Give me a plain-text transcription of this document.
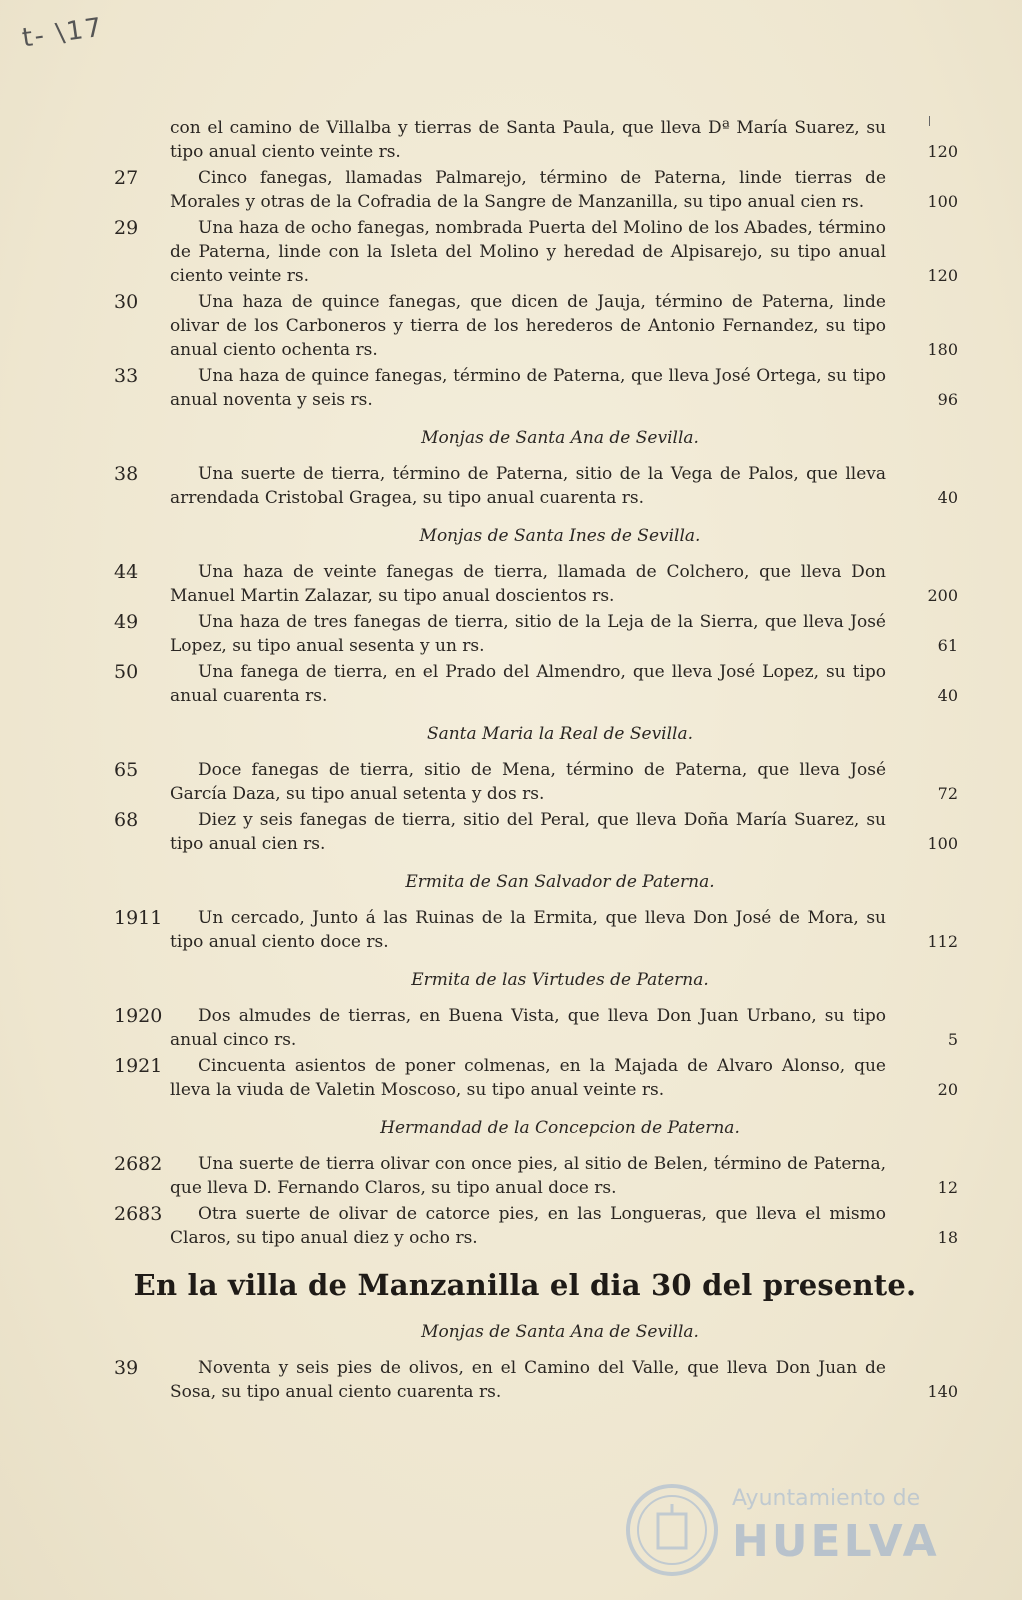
t- \17
con el camino de Villalba y tierras de Santa Paula, que lleva Dª María Suarez, su tipo anual ciento veinte rs.	120
27	Cinco fanegas, llamadas Palmarejo, término de Paterna, linde tierras de Morales y otras de la Cofradia de la Sangre de Manzanilla, su tipo anual cien rs.	100
29	Una haza de ocho fanegas, nombrada Puerta del Molino de los Abades, término de Paterna, linde con la Isleta del Molino y heredad de Alpisarejo, su tipo anual ciento veinte rs.	120
30	Una haza de quince fanegas, que dicen de Jauja, término de Paterna, linde olivar de los Carboneros y tierra de los herederos de Antonio Fernandez, su tipo anual ciento ochenta rs.	180
33	Una haza de quince fanegas, término de Paterna, que lleva José Ortega, su tipo anual noventa y seis rs.	96
Monjas de Santa Ana de Sevilla.
38	Una suerte de tierra, término de Paterna, sitio de la Vega de Palos, que lleva arrendada Cristobal Gragea, su tipo anual cuarenta rs.	40
Monjas de Santa Ines de Sevilla.
44	Una haza de veinte fanegas de tierra, llamada de Colchero, que lleva Don Manuel Martin Zalazar, su tipo anual doscientos rs.	200
49	Una haza de tres fanegas de tierra, sitio de la Leja de la Sierra, que lleva José Lopez, su tipo anual sesenta y un rs.	61
50	Una fanega de tierra, en el Prado del Almendro, que lleva José Lopez, su tipo anual cuarenta rs.	40
Santa Maria la Real de Sevilla.
65	Doce fanegas de tierra, sitio de Mena, término de Paterna, que lleva José García Daza, su tipo anual setenta y dos rs.	72
68	Diez y seis fanegas de tierra, sitio del Peral, que lleva Doña María Suarez, su tipo anual cien rs.	100
Ermita de San Salvador de Paterna.
1911	Un cercado, Junto á las Ruinas de la Ermita, que lleva Don José de Mora, su tipo anual ciento doce rs.	112
Ermita de las Virtudes de Paterna.
1920	Dos almudes de tierras, en Buena Vista, que lleva Don Juan Urbano, su tipo anual cinco rs.	5
1921	Cincuenta asientos de poner colmenas, en la Majada de Alvaro Alonso, que lleva la viuda de Valetin Moscoso, su tipo anual veinte rs.	20
Hermandad de la Concepcion de Paterna.
2682	Una suerte de tierra olivar con once pies, al sitio de Belen, término de Paterna, que lleva D. Fernando Claros, su tipo anual doce rs.	12
2683	Otra suerte de olivar de catorce pies, en las Longueras, que lleva el mismo Claros, su tipo anual diez y ocho rs.	18
En la villa de Manzanilla el dia 30 del presente.
Monjas de Santa Ana de Sevilla.
39	Noventa y seis pies de olivos, en el Camino del Valle, que lleva Don Juan de Sosa, su tipo anual ciento cuarenta rs.	140
Ayuntamiento de
HUELVA
